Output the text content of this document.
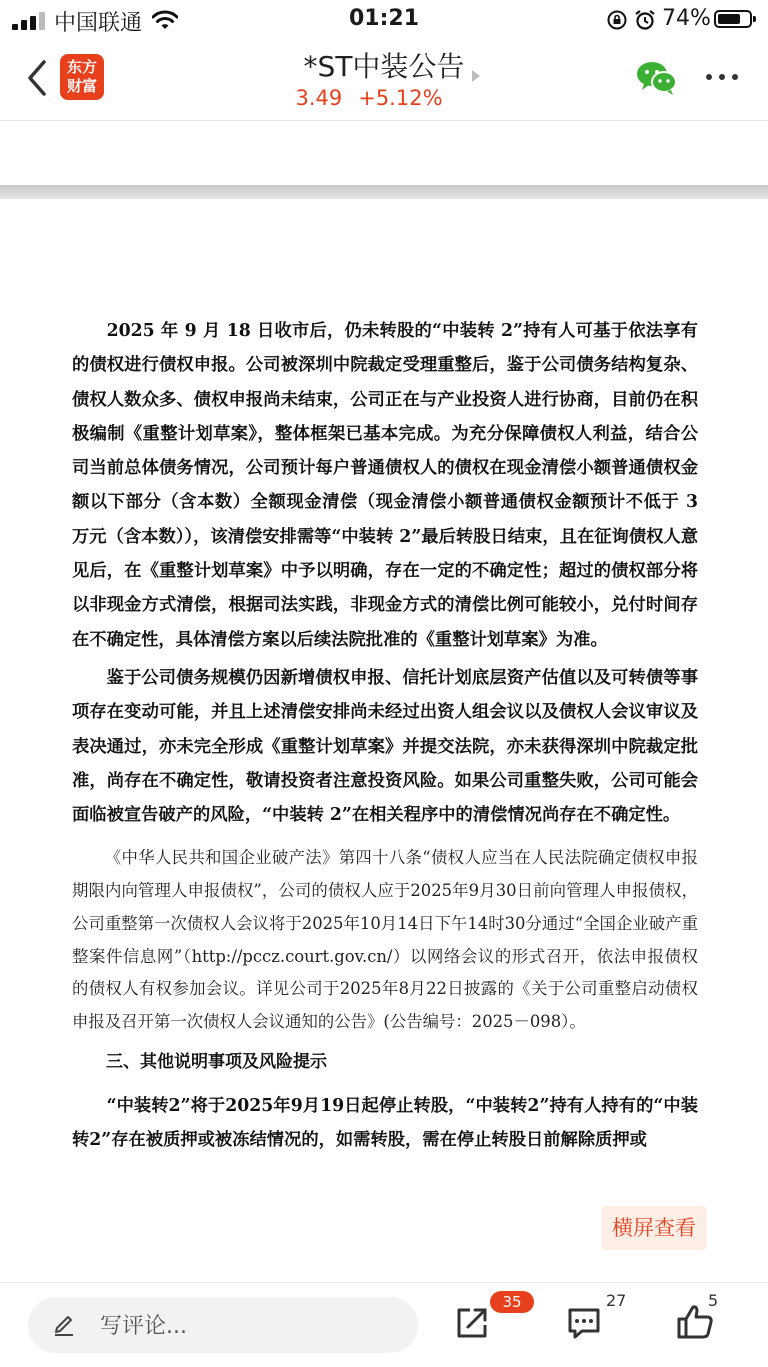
中国联通	01:21	74%
东方
财富
*ST中装公告
3.49 +5.12%

2025 年 9 月 18 日收市后，仍未转股的“中装转 2”持有人可基于依法享有的债权进行债权申报。公司被深圳中院裁定受理重整后，鉴于公司债务结构复杂、债权人数众多、债权申报尚未结束，公司正在与产业投资人进行协商，目前仍在积极编制《重整计划草案》，整体框架已基本完成。为充分保障债权人利益，结合公司当前总体债务情况，公司预计每户普通债权人的债权在现金清偿小额普通债权金额以下部分（含本数）全额现金清偿（现金清偿小额普通债权金额预计不低于 3 万元（含本数）），该清偿安排需等“中装转 2”最后转股日结束，且在征询债权人意见后，在《重整计划草案》中予以明确，存在一定的不确定性；超过的债权部分将以非现金方式清偿，根据司法实践，非现金方式的清偿比例可能较小，兑付时间存在不确定性，具体清偿方案以后续法院批准的《重整计划草案》为准。

鉴于公司债务规模仍因新增债权申报、信托计划底层资产估值以及可转债等事项存在变动可能，并且上述清偿安排尚未经过出资人组会议以及债权人会议审议及表决通过，亦未完全形成《重整计划草案》并提交法院，亦未获得深圳中院裁定批准，尚存在不确定性，敬请投资者注意投资风险。如果公司重整失败，公司可能会面临被宣告破产的风险，“中装转 2”在相关程序中的清偿情况尚存在不确定性。

《中华人民共和国企业破产法》第四十八条“债权人应当在人民法院确定债权申报期限内向管理人申报债权”，公司的债权人应于2025年9月30日前向管理人申报债权，公司重整第一次债权人会议将于2025年10月14日下午14时30分通过“全国企业破产重整案件信息网”（http://pccz.court.gov.cn/）以网络会议的形式召开，依法申报债权的债权人有权参加会议。详见公司于2025年8月22日披露的《关于公司重整启动债权申报及召开第一次债权人会议通知的公告》(公告编号：2025－098）。

三、其他说明事项及风险提示

“中装转2”将于2025年9月19日起停止转股，“中装转2”持有人持有的“中装转2”存在被质押或被冻结情况的，如需转股，需在停止转股日前解除质押或

横屏查看
写评论...
35	27	5
